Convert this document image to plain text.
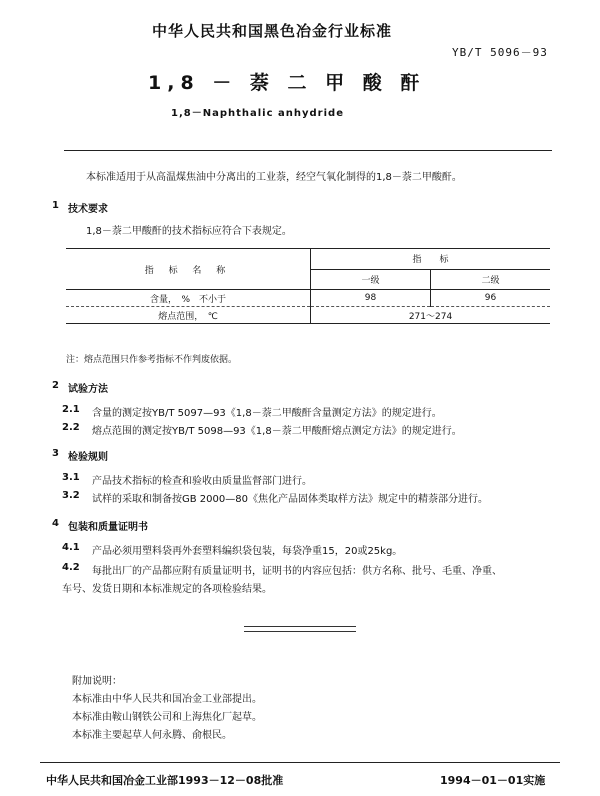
中华人民共和国黑色冶金行业标准
YB/T 5096－93
1,8 － 萘 二 甲 酸 酐
1,8－Naphthalic anhydride
本标准适用于从高温煤焦油中分离出的工业萘，经空气氧化制得的1,8－萘二甲酸酐。
1 技术要求
1,8－萘二甲酸酐的技术指标应符合下表规定。
指 标 名 称	指　　标	
	一级	二级
含量，　%　不小于	98	96
熔点范围，　℃	271～274	
注：熔点范围只作参考指标不作判废依据。
2 试验方法
2.1 含量的测定按YB/T 5097—93《1,8－萘二甲酸酐含量测定方法》的规定进行。
2.2 熔点范围的测定按YB/T 5098—93《1,8－萘二甲酸酐熔点测定方法》的规定进行。
3 检验规则
3.1 产品技术指标的检查和验收由质量监督部门进行。
3.2 试样的采取和制备按GB 2000—80《焦化产品固体类取样方法》规定中的精萘部分进行。
4 包装和质量证明书
4.1 产品必须用塑料袋再外套塑料编织袋包装，每袋净重15，20或25kg。
4.2 每批出厂的产品都应附有质量证明书，证明书的内容应包括：供方名称、批号、毛重、净重、
车号、发货日期和本标准规定的各项检验结果。
附加说明：
本标准由中华人民共和国冶金工业部提出。
本标准由鞍山钢铁公司和上海焦化厂起草。
本标准主要起草人何永腾、俞根民。
中华人民共和国冶金工业部1993－12－08批准	1994－01－01实施
